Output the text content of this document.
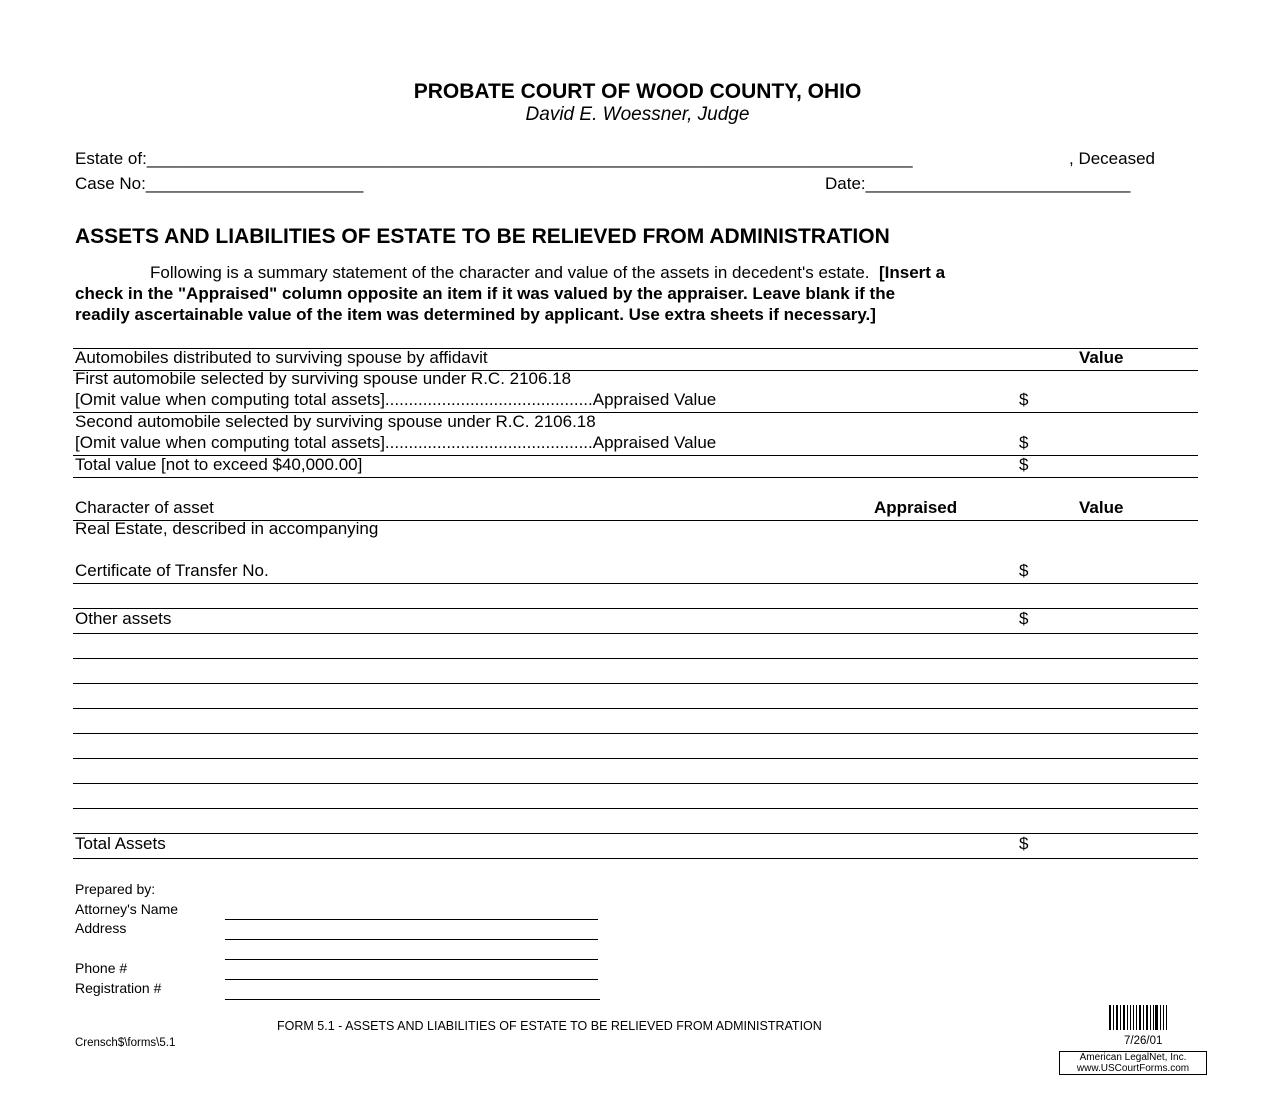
PROBATE COURT OF WOOD COUNTY, OHIO
David E. Woessner, Judge
Estate of:_________________________________________________________________________________	, Deceased
Case No:_______________________	Date:____________________________
ASSETS AND LIABILITIES OF ESTATE TO BE RELIEVED FROM ADMINISTRATION
Following is a summary statement of the character and value of the assets in decedent's estate. [Insert a
check in the "Appraised" column opposite an item if it was valued by the appraiser. Leave blank if the
readily ascertainable value of the item was determined by applicant. Use extra sheets if necessary.]
Automobiles distributed to surviving spouse by affidavit	Value
First automobile selected by surviving spouse under R.C. 2106.18
[Omit value when computing total assets]............................................Appraised Value	$
Second automobile selected by surviving spouse under R.C. 2106.18
[Omit value when computing total assets]............................................Appraised Value	$
Total value [not to exceed $40,000.00]	$
Character of asset	Appraised	Value
Real Estate, described in accompanying
Certificate of Transfer No.	$
Other assets	$
Total Assets	$
Prepared by:
Attorney's Name
Address
Phone #
Registration #
FORM 5.1 - ASSETS AND LIABILITIES OF ESTATE TO BE RELIEVED FROM ADMINISTRATION
Crensch$\forms\5.1	7/26/01
American LegalNet, Inc.
www.USCourtForms.com
